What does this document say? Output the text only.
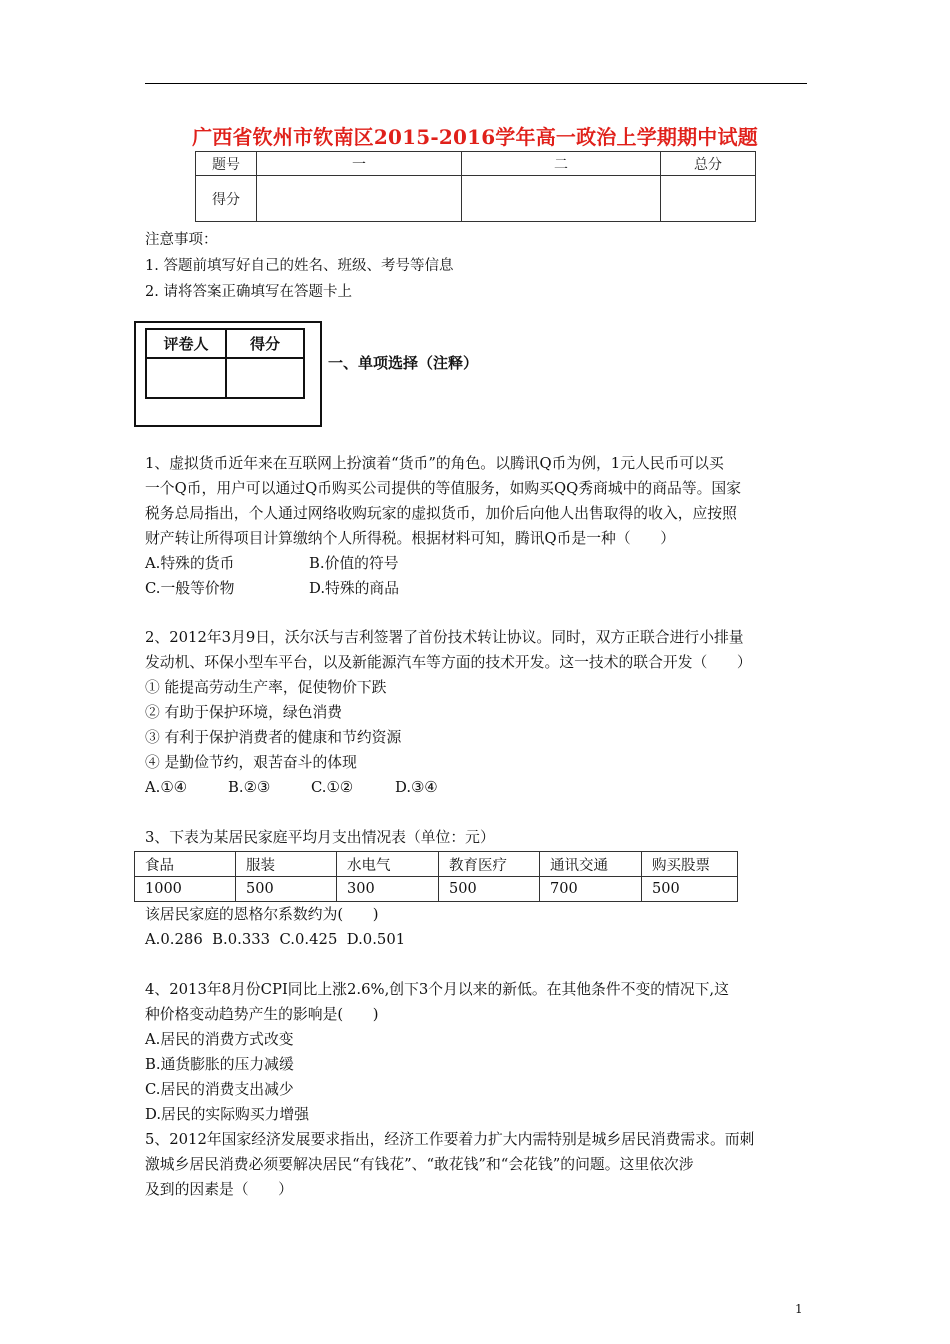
广西省钦州市钦南区2015-2016学年高一政治上学期期中试题
题号	一	二	总分
得分			
注意事项：
1. 答题前填写好自己的姓名、班级、考号等信息
2. 请将答案正确填写在答题卡上
评卷人	得分

一、单项选择（注释）
1、虚拟货币近年来在互联网上扮演着“货币”的角色。以腾讯Q币为例，1元人民币可以买
一个Q币，用户可以通过Q币购买公司提供的等值服务，如购买QQ秀商城中的商品等。国家
税务总局指出，个人通过网络收购玩家的虚拟货币，加价后向他人出售取得的收入，应按照
财产转让所得项目计算缴纳个人所得税。根据材料可知，腾讯Q币是一种（　　）
A.特殊的货币	B.价值的符号
C.一般等价物	D.特殊的商品
2、2012年3月9日，沃尔沃与吉利签署了首份技术转让协议。同时，双方正联合进行小排量
发动机、环保小型车平台，以及新能源汽车等方面的技术开发。这一技术的联合开发（　　）
① 能提高劳动生产率，促使物价下跌
② 有助于保护环境，绿色消费
③ 有利于保护消费者的健康和节约资源
④ 是勤俭节约，艰苦奋斗的体现
A.①④	B.②③	C.①②	D.③④
3、下表为某居民家庭平均月支出情况表（单位：元）
食品	服装	水电气	教育医疗	通讯交通	购买股票
1000	500	300	500	700	500
该居民家庭的恩格尔系数约为(　　)
A.0.286  B.0.333  C.0.425  D.0.501
4、2013年8月份CPI同比上涨2.6%,创下3个月以来的新低。在其他条件不变的情况下,这
种价格变动趋势产生的影响是(　　)
A.居民的消费方式改变
B.通货膨胀的压力减缓
C.居民的消费支出减少
D.居民的实际购买力增强
5、2012年国家经济发展要求指出，经济工作要着力扩大内需特别是城乡居民消费需求。而刺
激城乡居民消费必须要解决居民“有钱花”、“敢花钱”和“会花钱”的问题。这里依次涉
及到的因素是（　　）
1
